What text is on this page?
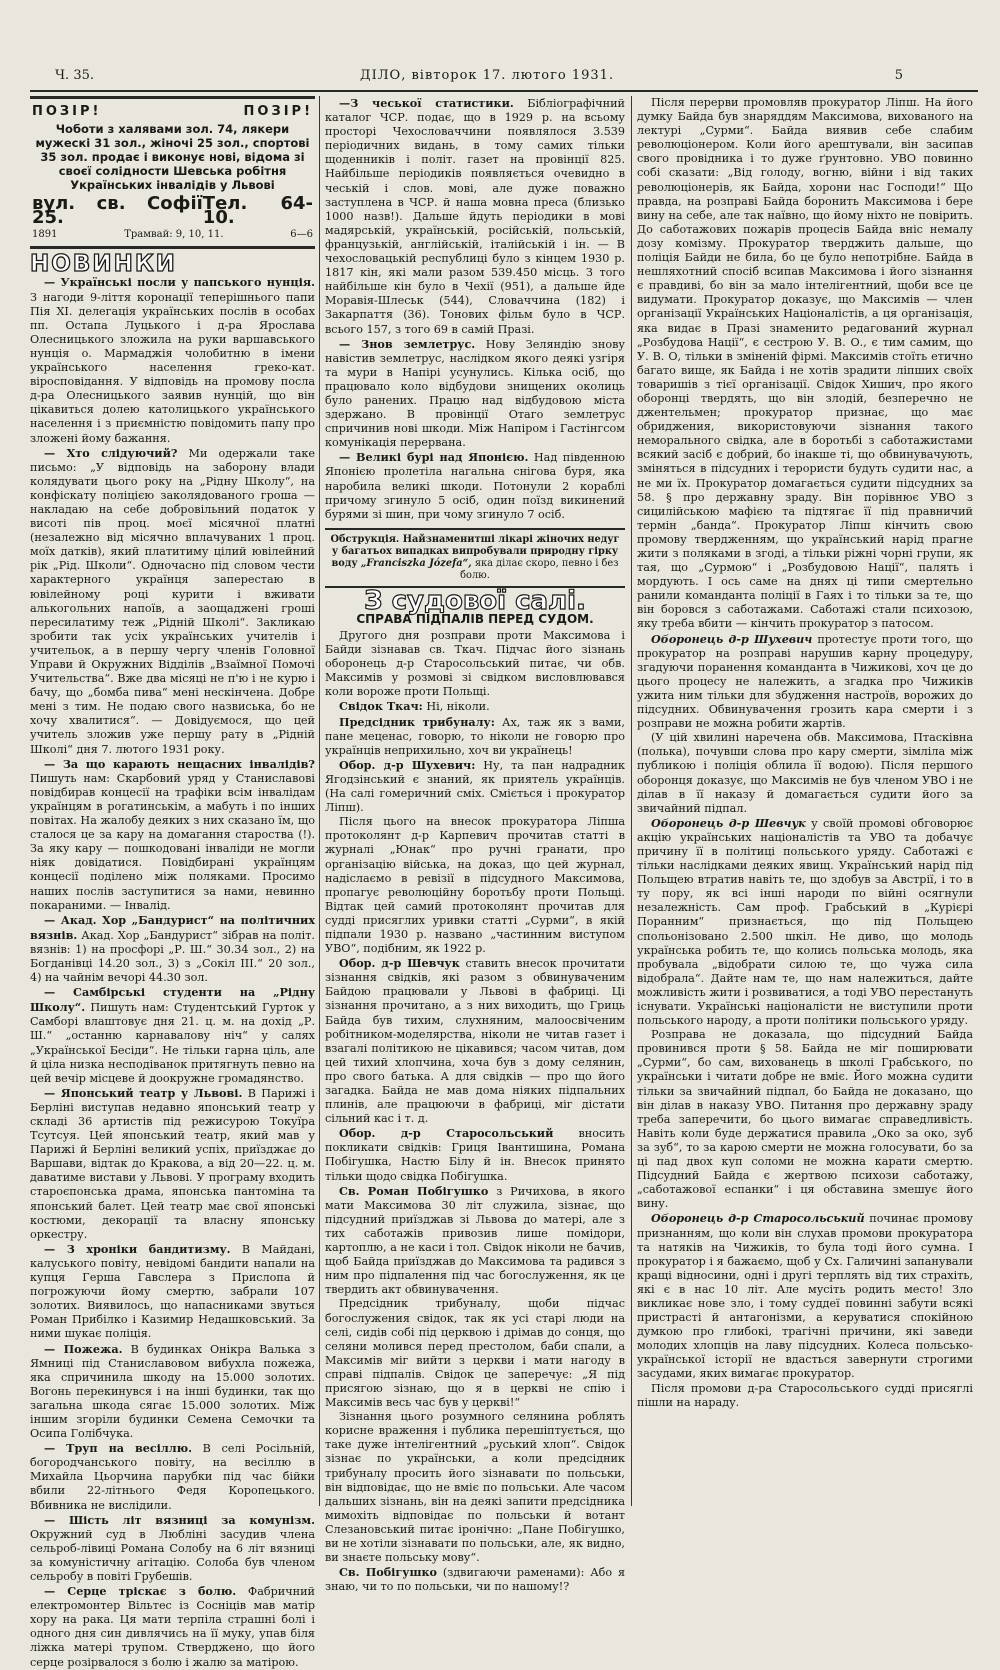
Ч. 35.	ДІЛО, вівторок 17. лютого 1931.	5
ПОЗІР!	ПОЗІР!
Чоботи з халявами зол. 74, лякери мужескі 31 зол., жіночі 25 зол., спортові 35 зол. продає і виконує нові, відома зі своєї солідности Шевська робітня Українських інвалідів у Львові
вул. св. Софії 25.
Тел. 64-10.
1891	Трамвай: 9, 10, 11.	6—6
НОВИНКИ

— Українські посли у папського нунція. З нагоди 9-ліття коронації теперішнього папи Пія XI. делегація українських послів в особах пп. Остапа Луцького і д-ра Ярослава Олесницького зложила на руки варшавського нунція о. Мармаджія чолобитню в імени українського населення греко-кат. віросповідання. У відповідь на промову посла д-ра Олесницького заявив нунцій, що він цікавиться долею католицького українського населення і з приємністю повідомить папу про зложені йому бажання.

— Хто слідуючий? Ми одержали таке письмо: „У відповідь на заборону влади колядувати цього року на „Рідну Школу“, на конфіскату поліцією заколядованого гроша — накладаю на себе добровільний податок у висоті пів проц. моєї місячної платні (незалежно від місячно вплачуваних 1 проц. моїх датків), який платитиму цілий ювілейний рік „Рід. Школи“. Одночасно під словом чести характерного українця заперестаю в ювілейному році курити і вживати алькогольних напоїв, а заощаджені гроші пересилатиму теж „Рідній Школі“. Закликаю зробити так усіх українських учителів і учительок, а в першу чергу членів Головної Управи й Окружних Відділів „Взаїмної Помочі Учительства“. Вже два місяці не п'ю і не курю і бачу, що „бомба пива“ мені нескінчена. Добре мені з тим. Не подаю свого назвиська, бо не хочу хвалитися“. — Довідуємося, що цей учитель зложив уже першу рату в „Рідній Школі“ дня 7. лютого 1931 року.

— За що карають нещасних інвалідів? Пишуть нам: Скарбовий уряд у Станиславові повідбирав концесії на трафіки всім інвалідам українцям в рогатинськім, а мабуть і по інших повітах. На жалобу деяких з них сказано їм, що сталося це за кару на домагання староства (!). За яку кару — пошкодовані інваліди не могли ніяк довідатися. Повідбирані українцям концесії поділено між поляками. Просимо наших послів заступитися за нами, невинно покараними. — Інвалід.

— Акад. Хор „Бандурист“ на політичних вязнів. Акад. Хор „Бандурист“ зібрав на політ. вязнів: 1) на просфорі „Р. Ш.“ 30.34 зол., 2) на Богданівці 14.20 зол., 3) з „Сокіл ІІІ.“ 20 зол., 4) на чайнім вечорі 44.30 зол.

— Самбірські студенти на „Рідну Школу“. Пишуть нам: Студентський Гурток у Самборі влаштовує дня 21. ц. м. на дохід „Р. Ш.“ „останню карнавалову ніч“ у салях „Української Бесіди“. Не тільки гарна ціль, але й ціла низка несподіванок притягнуть певно на цей вечір місцеве й доокружне громадянство.

— Японський театр у Львові. В Парижі і Берліні виступав недавно японський театр у складі 36 артистів під режисурою Токуїра Тсутсуя. Цей японський театр, який мав у Парижі й Берліні великий успіх, приїзджає до Варшави, відтак до Кракова, а від 20—22. ц. м. даватиме вистави у Львові. У програму входить староєпонська драма, японська пантоміна та японський балет. Цей театр має свої японські костюми, декорації та власну японську оркестру.

— З хроніки бандитизму. В Майдані, калуського повіту, невідомі бандити напали на купця Герша Гавслера з Прислопа й погрожуючи йому смертю, забрали 107 золотих. Виявилось, що напасниками звуться Роман Прибілко і Казимир Недашковський. За ними шукає поліція.

— Пожежа. В будинках Онікра Валька з Ямниці під Станиславовом вибухла пожежа, яка спричинила шкоду на 15.000 золотих. Вогонь перекинувся і на інші будинки, так що загальна шкода сягає 15.000 золотих. Між іншим згоріли будинки Семена Семочки та Осипа Голібчука.

— Труп на весіллю. В селі Росільній, богородчанського повіту, на весіллю в Михайла Цьорчина парубки під час бійки вбили 22-літнього Федя Коропецького. Вбивника не вислідили.

— Шість літ вязниці за комунізм. Окружний суд в Любліні засудив члена сельроб-лівиці Романа Солобу на 6 літ вязниці за комуністичну агітацію. Солоба був членом сельробу в повіті Грубешів.

— Серце тріскає з болю. Фабричний електромонтер Вільтес із Сосніців мав матір хору на рака. Ця мати терпіла страшні болі і одного дня син дивлячись на її муку, упав біля ліжка матері трупом. Стверджено, що його серце розірвалося з болю і жалю за матірою.

—З чеської статистики. Бібліографічний каталог ЧСР. подає, що в 1929 р. на всьому просторі Чехословаччини появлялося 3.539 періодичних видань, в тому самих тільки щоденників і політ. газет на провінції 825. Найбільше періодиків появляється очевидно в чеській і слов. мові, але дуже поважно заступлена в ЧСР. й наша мовна преса (близько 1000 назв!). Дальше йдуть періодики в мові мадярській, українській, російській, польській, французькій, англійській, італійській і ін. — В чехословацькій республиці було з кінцем 1930 р. 1817 кін, які мали разом 539.450 місць. З того найбільше кін було в Чехії (951), а дальше йде Моравія-Шлеськ (544), Словаччина (182) і Закарпаття (36). Тонових фільм було в ЧСР. всього 157, з того 69 в самій Празі.

— Знов землетрус. Нову Зеляндію знову навістив землетрус, наслідком якого деякі узгіря та мури в Напірі усунулись. Кілька осіб, що працювало коло відбудови знищених околиць було ранених. Працю над відбудовою міста здержано. В провінції Отаго землетрус спричинив нові шкоди. Між Напіром і Гастінгсом комунікація перервана.

— Великі бурі над Японією. Над південною Японією пролетіла нагальна снігова буря, яка наробила великі шкоди. Потонули 2 кораблі причому згинуло 5 осіб, один поїзд викинений бурями зі шин, при чому згинуло 7 осіб.

Обструкція. Найзнаменитші лікарі жіночих недуг у багатьох випадках випробували природну гірку воду „Franciszka Józefa“, яка ділає скоро, певно і без болю.
З судової салі.
СПРАВА ПІДПАЛІВ ПЕРЕД СУДОМ.

Другого дня розправи проти Максимова і Байди зізнавав св. Ткач. Підчас його зізнань оборонець д-р Старосольський питає, чи обв. Максимів у розмові зі свідком висловлювався коли вороже проти Польщі.

Свідок Ткач: Ні, ніколи.

Предсідник трибуналу: Ах, таж як з вами, пане меценас, говорю, то ніколи не говорю про українців неприхильно, хоч ви українець!

Обор. д-р Шухевич: Ну, та пан надрадник Ягодзінський є знаний, як приятель українців. (На салі гомеричний сміх. Сміється і прокуратор Ліпш).

Після цього на внесок прокуратора Ліпша протоколянт д-р Карпевич прочитав статті в журналі „Юнак“ про ручні гранати, про організацію війська, на доказ, що цей журнал, надіслаємо в ревізії в підсудного Максимова, пропагує революційну боротьбу проти Польщі. Відтак цей самий протоколянт прочитав для судді присяглих уривки статті „Сурми“, в якій підпали 1930 р. названо „частинним виступом УВО“, подібним, як 1922 р.

Обор. д-р Шевчук ставить внесок прочитати зізнання свідків, які разом з обвинуваченим Байдою працювали у Львові в фабриці. Ці зізнання прочитано, а з них виходить, що Гриць Байда був тихим, слухняним, малоосвіченим робітником-моделярства, ніколи не читав газет і взагалі політикою не цікавився; часом читав, дом цей тихий хлопчина, хоча був з дому селянин, про свого батька. А для свідків — про що його загадка. Байда не мав дома ніяких підпальних плинів, але працюючи в фабриці, міг дістати сільний кас і т. д.

Обор. д-р Старосольський вносить покликати свідків: Гриця Івантишина, Романа Побігушка, Настю Білу й ін. Внесок принято тільки щодо свідка Побігушка.

Св. Роман Побігушко з Ричихова, в якого мати Максимова 30 літ служила, зізнає, що підсудний приїзджав зі Львова до матері, але з тих саботажів привозив лише помідори, картоплю, а не каси і тол. Свідок ніколи не бачив, щоб Байда приїзджав до Максимова та радився з ним про підпалення під час богослуження, як це твердить акт обвинувачення.

Предсідник трибуналу, щоби підчас богослужения свідок, так як усі старі люди на селі, сидів собі під церквою і дрімав до сонця, що селяни молився перед престолом, баби спали, а Максимів міг вийти з церкви і мати нагоду в справі підпалів. Свідок це заперечує: „Я під присягою зізнаю, що я в церкві не спію і Максимів весь час був у церкві!“

Зізнання цього розумного селянина роблять корисне враження і публика перешіптується, що таке дуже інтелігентний „руський хлоп“. Свідок зізнає по українськи, а коли предсідник трибуналу просить його зізнавати по польськи, він відповідає, що не вміє по польськи. Але часом дальших зізнань, він на деякі запити предсідника мимохіть відповідає по польськи й вотант Слезановський питає іронічно: „Пане Побігушко, ви не хотіли зізнавати по польськи, але, як видно, ви знаєте польську мову“.

Св. Побігушко (здвигаючи раменами): Або я знаю, чи то по польськи, чи по нашому!?

Після перерви промовляв прокуратор Ліпш. На його думку Байда був знаряддям Максимова, вихованого на лектурі „Сурми“. Байда виявив себе слабим революціонером. Коли його арештували, він засипав свого провідника і то дуже ґрунтовно. УВО повинно собі сказати: „Від голоду, вогню, війни і від таких революціонерів, як Байда, хорони нас Господи!“ Що правда, на розправі Байда боронить Максимова і бере вину на себе, але так наївно, що йому ніхто не повірить. До саботажових пожарів процесів Байда вніс немалу дозу комізму. Прокуратор тверджить дальше, що поліція Байди не била, бо це було непотрібне. Байда в нешляхотний спосіб всипав Максимова і його зізнання є правдиві, бо він за мало інтелігентний, щоби все це видумати. Прокуратор доказує, що Максимів — член організації Українських Націоналістів, а ця організація, яка видає в Празі знаменито редагований журнал „Розбудова Нації“, є сестрою У. В. О., є тим самим, що У. В. О, тільки в зміненій фірмі. Максимів стоїть етично багато вище, як Байда і не хотів зрадити ліпших своїх товаришів з тієї організації. Свідок Хишич, про якого оборонці твердять, що він злодій, безперечно не джентельмен; прокуратор признає, що має обриджения, використовуючи зізнання такого неморального свідка, але в боротьбі з саботажистами всякий засіб є добрий, бо інакше ті, що обвинувачують, зміняться в підсудних і терористи будуть судити нас, а не ми їх. Прокуратор домагається судити підсудних за 58. § про державну зраду. Він порівнює УВО з сицилійською мафією та підтягає її під правничий термін „банда“. Прокуратор Ліпш кінчить свою промову твердженням, що український нарід прагне жити з поляками в згоді, а тільки ріжні чорні групи, як тая, що „Сурмою“ і „Розбудовою Нації“, палять і мордують. І ось саме на днях ці типи смертельно ранили команданта поліції в Гаях і то тільки за те, що він боровся з саботажами. Саботажі стали психозою, яку треба вбити — кінчить прокуратор з патосом.

Оборонець д-р Шухевич протестує проти того, що прокуратор на розправі нарушив карну процедуру, згадуючи поранення команданта в Чижикові, хоч це до цього процесу не належить, а згадка про Чижиків ужита ним тільки для збудження настроїв, ворожих до підсудних. Обвинувачення грозить кара смерти і з розправи не можна робити жартів.

(У цій хвилині наречена обв. Максимова, Птасківна (полька), почувши слова про кару смерти, зімліла між публикою і поліція облила її водою). Після першого оборонця доказує, що Максимів не був членом УВО і не ділав в її наказу й домагається судити його за звичайний підпал.

Оборонець д-р Шевчук у своїй промові обговорює акцію українських націоналістів та УВО та добачує причину її в політиці польського уряду. Саботажі є тільки наслідками деяких явищ. Український нарід під Польщею втратив навіть те, що здобув за Австрії, і то в ту пору, як всі інші народи по війні осягнули незалежність. Сам проф. Грабський в „Курієрі Поранним“ признається, що під Польщею спольонізовано 2.500 шкіл. Не диво, що молодь українська робить те, що колись польська молодь, яка пробувала „відобрати силою те, що чужа сила відобрала“. Дайте нам те, що нам належиться, дайте можливість жити і розвиватися, а тоді УВО перестануть існувати. Українські націоналісти не виступили проти польського народу, а проти політики польського уряду.

Розправа не доказала, що підсудний Байда провинився проти § 58. Байда не міг поширювати „Сурми“, бо сам, вихованець в школі Грабського, по українськи і читати добре не вміє. Його можна судити тільки за звичайний підпал, бо Байда не доказано, що він ділав в наказу УВО. Питання про державну зраду треба заперечити, бо цього вимагає справедливість. Навіть коли буде держатися правила „Око за око, зуб за зуб“, то за карою смерти не можна голосувати, бо за ці пад двох куп соломи не можна карати смертю. Підсудний Байда є жертвою психози саботажу, „саботажової еспанки“ і ця обставина змешує його вину.

Оборонець д-р Старосольський починає промову признанням, що коли він слухав промови прокуратора та натяків на Чижиків, то була тоді його сумна. І прокуратор і я бажаємо, щоб у Сх. Галичині запанували кращі відносини, одні і другі терплять від тих страхіть, які є в нас 10 літ. Але мусіть родить место! Зло викликає нове зло, і тому суддеї повинні забути всякі пристрасті й антагонізми, а керуватися спокійною думкою про глибокі, трагічні причини, які заведи молодих хлопців на лаву підсудних. Колеса польсько-української історії не вдасться завернути строгими засудами, яких вимагає прокуратор.

Після промови д-ра Старосольського судді присяглі пішли на нараду.
